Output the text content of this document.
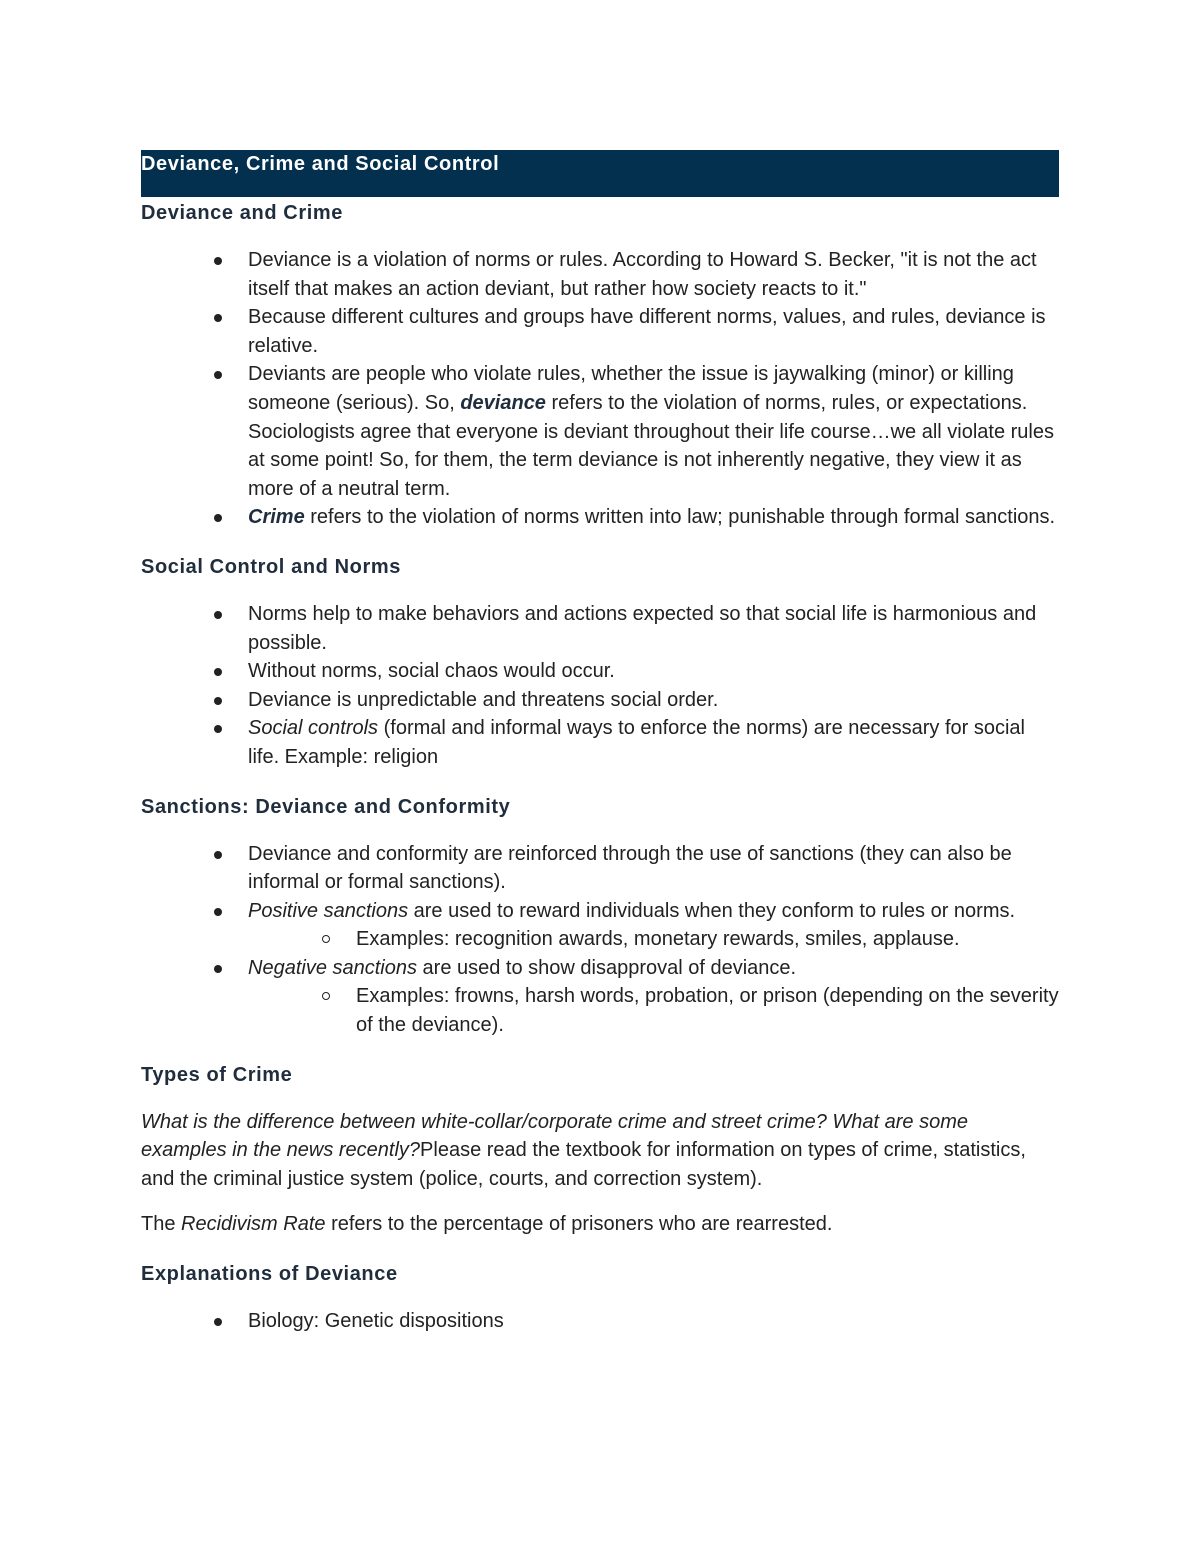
Deviance, Crime and Social Control
Deviance and Crime
Deviance is a violation of norms or rules. According to Howard S. Becker, "it is not the act itself that makes an action deviant, but rather how society reacts to it."
Because different cultures and groups have different norms, values, and rules, deviance is relative.
Deviants are people who violate rules, whether the issue is jaywalking (minor) or killing someone (serious). So, deviance refers to the violation of norms, rules, or expectations. Sociologists agree that everyone is deviant throughout their life course…we all violate rules at some point! So, for them, the term deviance is not inherently negative, they view it as more of a neutral term.
Crime refers to the violation of norms written into law; punishable through formal sanctions.
Social Control and Norms
Norms help to make behaviors and actions expected so that social life is harmonious and possible.
Without norms, social chaos would occur.
Deviance is unpredictable and threatens social order.
Social controls (formal and informal ways to enforce the norms) are necessary for social life. Example: religion
Sanctions: Deviance and Conformity
Deviance and conformity are reinforced through the use of sanctions (they can also be informal or formal sanctions).
Positive sanctions are used to reward individuals when they conform to rules or norms.
Examples: recognition awards, monetary rewards, smiles, applause.
Negative sanctions are used to show disapproval of deviance.
Examples: frowns, harsh words, probation, or prison (depending on the severity of the deviance).
Types of Crime

What is the difference between white-collar/corporate crime and street crime? What are some examples in the news recently?Please read the textbook for information on types of crime, statistics, and the criminal justice system (police, courts, and correction system).

The Recidivism Rate refers to the percentage of prisoners who are rearrested.

Explanations of Deviance
Biology: Genetic dispositions
